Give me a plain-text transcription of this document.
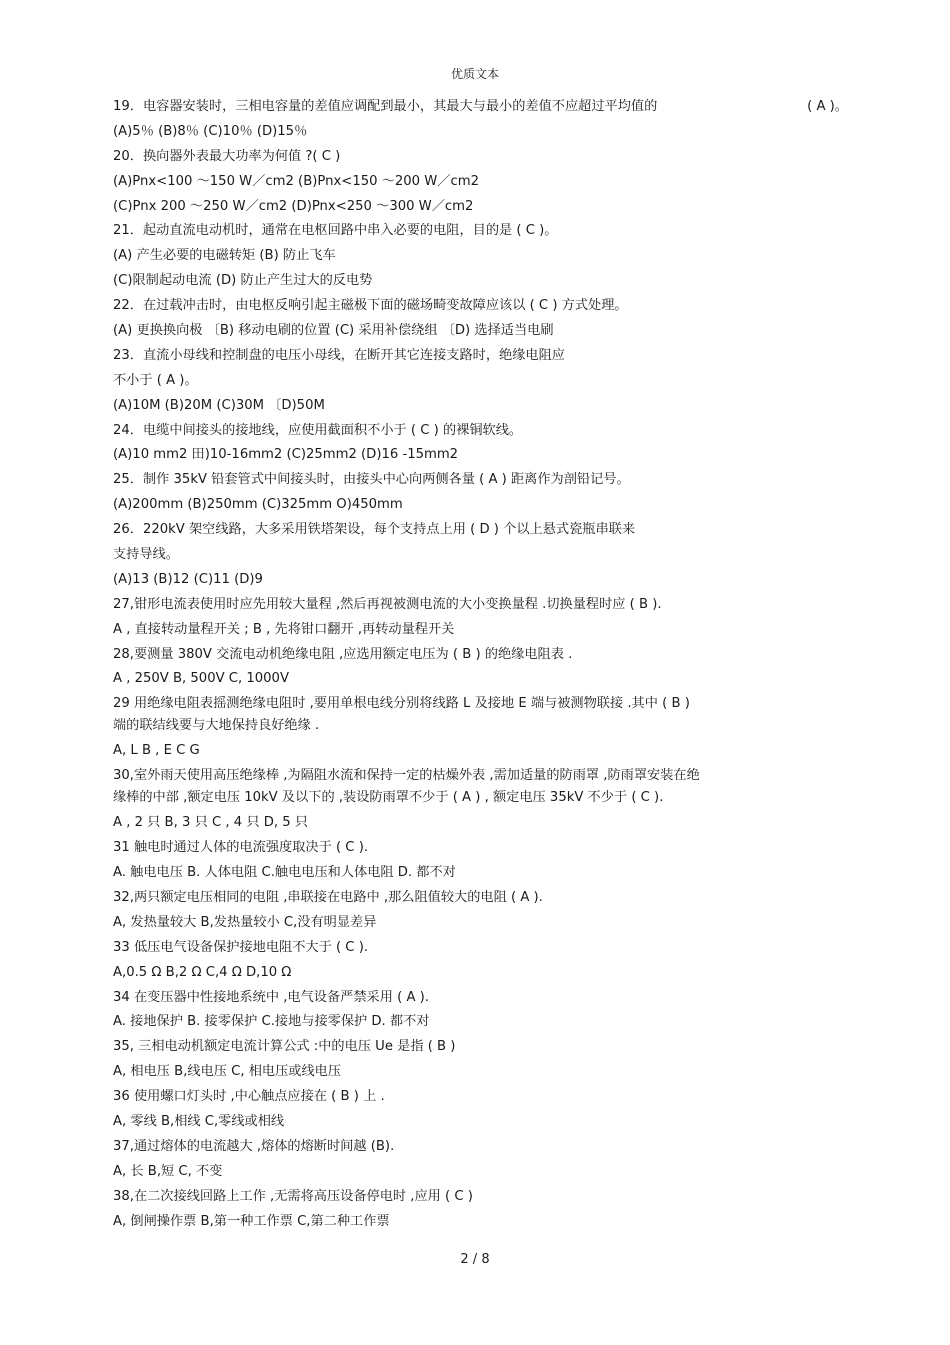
优质文本
19．电容器安装时，三相电容量的差值应调配到最小，其最大与最小的差值不应超过平均值的	( A )。
(A)5％ (B)8％ (C)10％ (D)15％
20．换向器外表最大功率为何值 ?( C )
(A)Pnx<100 ～150 W／cm2 (B)Pnx<150 ～200 W／cm2
(C)Pnx 200 ～250 W／cm2 (D)Pnx<250 ～300 W／cm2
21．起动直流电动机时，通常在电枢回路中串入必要的电阻，目的是 ( C )。
(A) 产生必要的电磁转矩 (B) 防止飞车
(C)限制起动电流 (D) 防止产生过大的反电势
22．在过载冲击时，由电枢反响引起主磁极下面的磁场畸变故障应该以 ( C ) 方式处理。
(A) 更换换向极 〔B) 移动电刷的位置 (C) 采用补偿绕组 〔D) 选择适当电刷
23．直流小母线和控制盘的电压小母线，在断开其它连接支路时，绝缘电阻应
不小于 ( A )。
(A)10M (B)20M (C)30M 〔D)50M
24．电缆中间接头的接地线，应使用截面积不小于 ( C ) 的裸铜软线。
(A)10 mm2 田)10-16mm2 (C)25mm2 (D)16 -15mm2
25．制作 35kV 铅套管式中间接头时，由接头中心向两侧各量 ( A ) 距离作为剖铅记号。
(A)200mm (B)250mm (C)325mm O)450mm
26．220kV 架空线路，大多采用铁塔架设，每个支持点上用 ( D ) 个以上悬式瓷瓶串联来
支持导线。
(A)13 (B)12 (C)11 (D)9
27,钳形电流表使用时应先用较大量程 ,然后再视被测电流的大小变换量程 .切换量程时应 ( B ).
A , 直接转动量程开关 ; B , 先将钳口翻开 ,再转动量程开关
28,要测量 380V 交流电动机绝缘电阻 ,应选用额定电压为 ( B ) 的绝缘电阻表 .
A , 250V B, 500V C, 1000V
29 用绝缘电阻表摇测绝缘电阻时 ,要用单根电线分别将线路 L 及接地 E 端与被测物联接 .其中 ( B )
端的联结线要与大地保持良好绝缘 .
A, L B , E C G
30,室外雨天使用高压绝缘棒 ,为隔阻水流和保持一定的枯燥外表 ,需加适量的防雨罩 ,防雨罩安装在绝
缘棒的中部 ,额定电压 10kV 及以下的 ,装设防雨罩不少于 ( A ) , 额定电压 35kV 不少于 ( C ).
A , 2 只 B, 3 只 C , 4 只 D, 5 只
31 触电时通过人体的电流强度取决于 ( C ).
A. 触电电压 B. 人体电阻 C.触电电压和人体电阻 D. 都不对
32,两只额定电压相同的电阻 ,串联接在电路中 ,那么阻值较大的电阻 ( A ).
A, 发热量较大 B,发热量较小 C,没有明显差异
33 低压电气设备保护接地电阻不大于 ( C ).
A,0.5 Ω B,2 Ω C,4 Ω D,10 Ω
34 在变压器中性接地系统中 ,电气设备严禁采用 ( A ).
A. 接地保护 B. 接零保护 C.接地与接零保护 D. 都不对
35, 三相电动机额定电流计算公式 :中的电压 Ue 是指 ( B )
A, 相电压 B,线电压 C, 相电压或线电压
36 使用螺口灯头时 ,中心触点应接在 ( B ) 上 .
A, 零线 B,相线 C,零线或相线
37,通过熔体的电流越大 ,熔体的熔断时间越 (B).
A, 长 B,短 C, 不变
38,在二次接线回路上工作 ,无需将高压设备停电时 ,应用 ( C )
A, 倒闸操作票 B,第一种工作票 C,第二种工作票
2 / 8
